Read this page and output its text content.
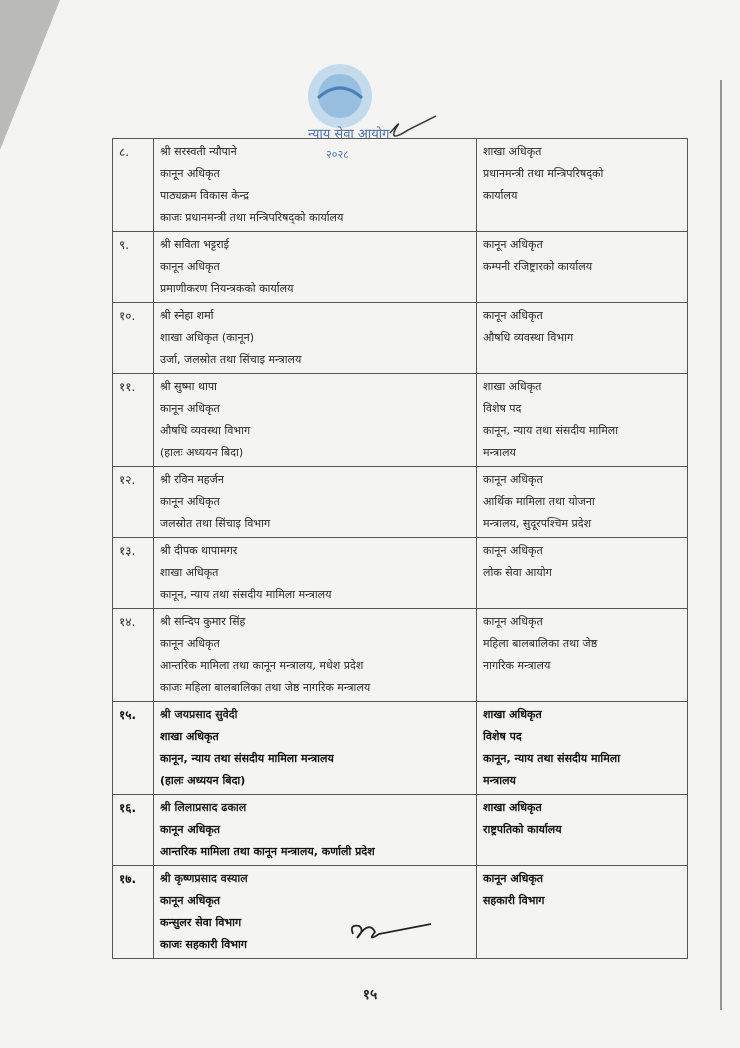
न्याय सेवा आयोग
२०२८
८.	श्री सरस्वती न्यौपाने
कानून अधिकृत
पाठ्यक्रम विकास केन्द्र
काजः प्रधानमन्त्री तथा मन्त्रिपरिषद्‌को कार्यालय	शाखा अधिकृत
प्रधानमन्त्री तथा मन्त्रिपरिषद्‌को
कार्यालय

९.	श्री सविता भट्टराई
कानून अधिकृत
प्रमाणीकरण नियन्त्रकको कार्यालय	कानून अधिकृत
कम्पनी रजिष्ट्रारको कार्यालय

१०.	श्री स्नेहा शर्मा
शाखा अधिकृत (कानून)
उर्जा, जलस्रोत तथा सिंचाइ मन्त्रालय	कानून अधिकृत
औषधि व्यवस्था विभाग

११.	श्री सुष्मा थापा
कानून अधिकृत
औषधि व्यवस्था विभाग
(हालः अध्ययन बिदा)	शाखा अधिकृत
विशेष पद
कानून, न्याय तथा संसदीय मामिला
मन्त्रालय

१२.	श्री रविन महर्जन
कानून अधिकृत
जलस्रोत तथा सिंचाइ विभाग	कानून अधिकृत
आर्थिक मामिला तथा योजना
मन्त्रालय, सुदूरपश्चिम प्रदेश

१३.	श्री दीपक थापामगर
शाखा अधिकृत
कानून, न्याय तथा संसदीय मामिला मन्त्रालय	कानून अधिकृत
लोक सेवा आयोग

१४.	श्री सन्दिप कुमार सिंह
कानून अधिकृत
आन्तरिक मामिला तथा कानून मन्त्रालय, मधेश प्रदेश
काजः महिला बालबालिका तथा जेष्ठ नागरिक मन्त्रालय	कानून अधिकृत
महिला बालबालिका तथा जेष्ठ
नागरिक मन्त्रालय

१५.	श्री जयप्रसाद सुवेदी
शाखा अधिकृत
कानून, न्याय तथा संसदीय मामिला मन्त्रालय
(हालः अध्ययन बिदा)	शाखा अधिकृत
विशेष पद
कानून, न्याय तथा संसदीय मामिला
मन्त्रालय

१६.	श्री लिलाप्रसाद ढकाल
कानून अधिकृत
आन्तरिक मामिला तथा कानून मन्त्रालय, कर्णाली प्रदेश	शाखा अधिकृत
राष्ट्रपतिको कार्यालय

१७.	श्री कृष्णप्रसाद वस्याल
कानून अधिकृत
कन्सुलर सेवा विभाग
काजः सहकारी विभाग	कानून अधिकृत
सहकारी विभाग
१५
